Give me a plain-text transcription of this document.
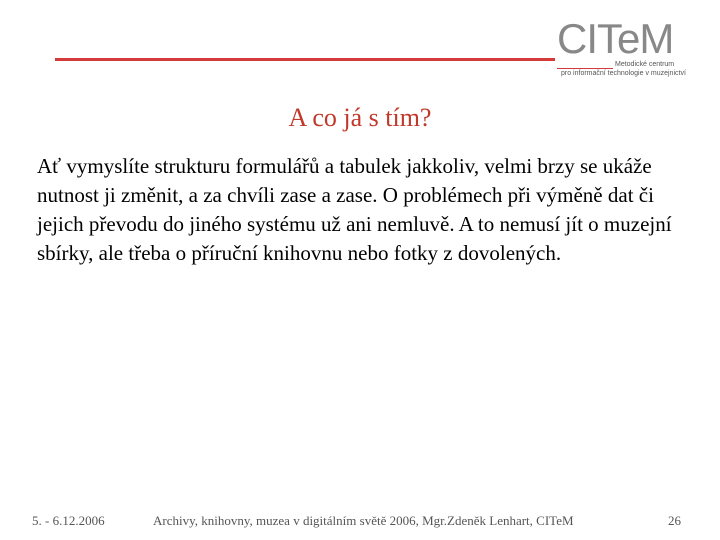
CITeM
Metodické centrum
pro informační technologie v muzejnictví
A co já s tím?
Ať vymyslíte strukturu formulářů a tabulek jakkoliv, velmi brzy se ukáže nutnost ji změnit, a za chvíli zase a zase. O problémech při výměně dat či jejich převodu do jiného systému už ani nemluvě. A to nemusí jít o muzejní sbírky, ale třeba o příruční knihovnu nebo fotky z dovolených.
5. - 6.12.2006	Archivy, knihovny, muzea v digitálním světě 2006, Mgr.Zdeněk Lenhart, CITeM	26
